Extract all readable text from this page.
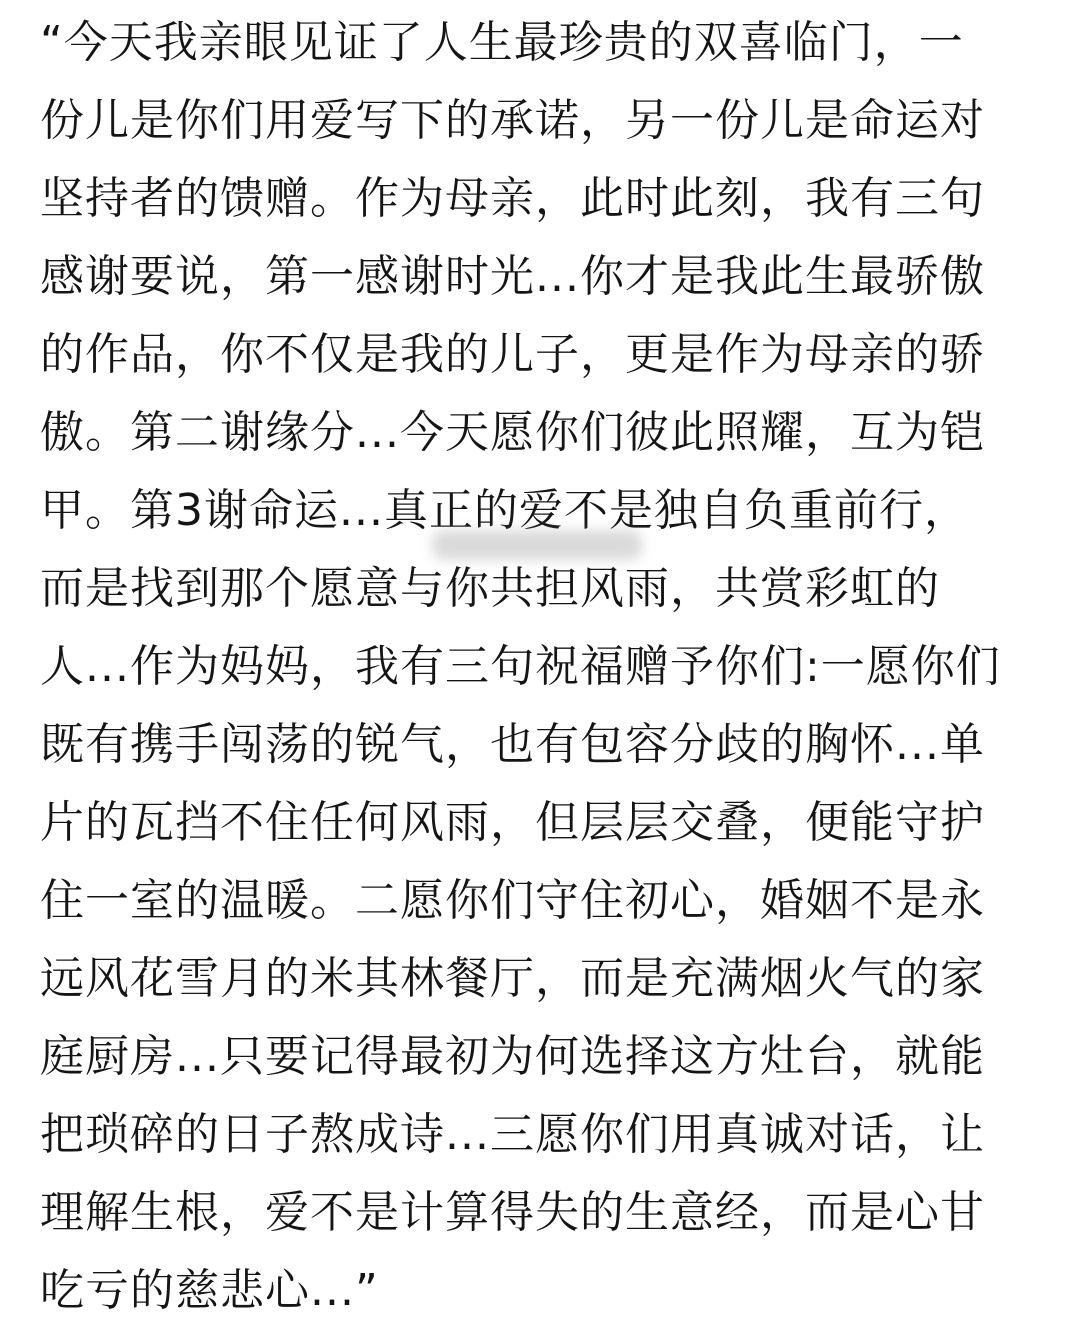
“今天我亲眼见证了人生最珍贵的双喜临门，一
份儿是你们用爱写下的承诺，另一份儿是命运对
坚持者的馈赠。作为母亲，此时此刻，我有三句
感谢要说，第一感谢时光...你才是我此生最骄傲
的作品，你不仅是我的儿子，更是作为母亲的骄
傲。第二谢缘分...今天愿你们彼此照耀，互为铠
甲。第3谢命运...真正的爱不是独自负重前行，
而是找到那个愿意与你共担风雨，共赏彩虹的
人...作为妈妈，我有三句祝福赠予你们:一愿你们
既有携手闯荡的锐气，也有包容分歧的胸怀...单
片的瓦挡不住任何风雨，但层层交叠，便能守护
住一室的温暖。二愿你们守住初心，婚姻不是永
远风花雪月的米其林餐厅，而是充满烟火气的家
庭厨房...只要记得最初为何选择这方灶台，就能
把琐碎的日子熬成诗...三愿你们用真诚对话，让
理解生根，爱不是计算得失的生意经，而是心甘
吃亏的慈悲心...”
